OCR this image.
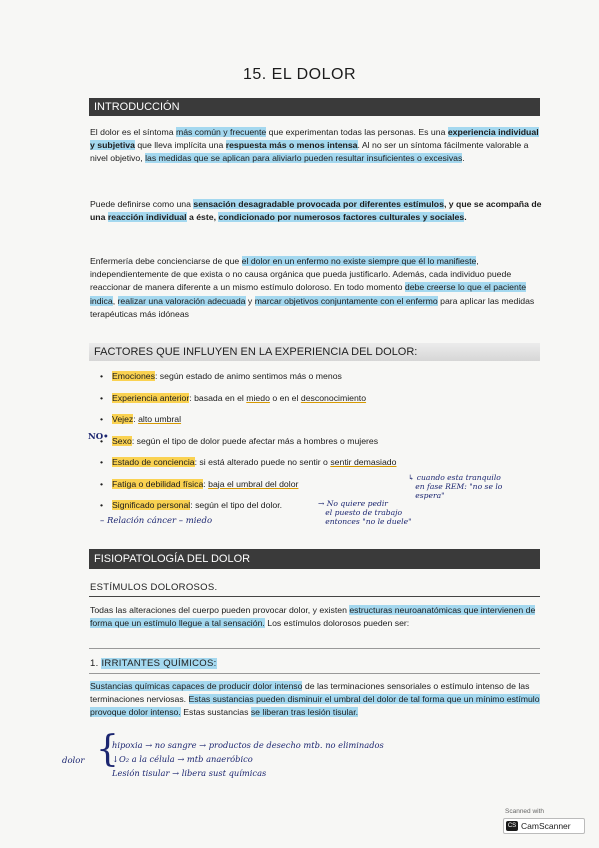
15. EL DOLOR
INTRODUCCIÓN
El dolor es el síntoma más común y frecuente que experimentan todas las personas. Es una experiencia individual y subjetiva que lleva implícita una respuesta más o menos intensa. Al no ser un síntoma fácilmente valorable a nivel objetivo, las medidas que se aplican para aliviarlo pueden resultar insuficientes o excesivas.
Puede definirse como una sensación desagradable provocada por diferentes estímulos, y que se acompaña de una reacción individual a éste, condicionado por numerosos factores culturales y sociales.
Enfermería debe concienciarse de que el dolor en un enfermo no existe siempre que él lo manifieste, independientemente de que exista o no causa orgánica que pueda justificarlo. Además, cada individuo puede reaccionar de manera diferente a un mismo estímulo doloroso. En todo momento debe creerse lo que el paciente indica, realizar una valoración adecuada y marcar objetivos conjuntamente con el enfermo para aplicar las medidas terapéuticas más idóneas
FACTORES QUE INFLUYEN EN LA EXPERIENCIA DEL DOLOR:
• Emociones: según estado de animo sentimos más o menos
• Experiencia anterior: basada en el miedo o en el desconocimiento
• Vejez: alto umbral
• Sexo: según el tipo de dolor puede afectar más a hombres o mujeres
• Estado de conciencia: si está alterado puede no sentir o sentir demasiado
• Fatiga o debilidad física: baja el umbral del dolor
• Significado personal: según el tipo del dolor.
NO•
↳ cuando esta tranquilo
en fase REM: "no se lo
espera"
→ No quiere pedir
el puesto de trabajo
entonces "no le duele"
– Relación cáncer – miedo
FISIOPATOLOGÍA DEL DOLOR
ESTÍMULOS DOLOROSOS.
Todas las alteraciones del cuerpo pueden provocar dolor, y existen estructuras neuroanatómicas que intervienen de forma que un estímulo llegue a tal sensación. Los estímulos dolorosos pueden ser:
1. IRRITANTES QUÍMICOS:
Sustancias químicas capaces de producir dolor intenso de las terminaciones sensoriales o estímulo intenso de las terminaciones nerviosas. Estas sustancias pueden disminuir el umbral del dolor de tal forma que un mínimo estímulo provoque dolor intenso. Estas sustancias se liberan tras lesión tisular.
dolor {
hipoxia → no sangre → productos de desecho mtb. no eliminados
↓O₂ a la célula → mtb anaeróbico
Lesión tisular → libera sust químicas
Scanned with
CS CamScanner
